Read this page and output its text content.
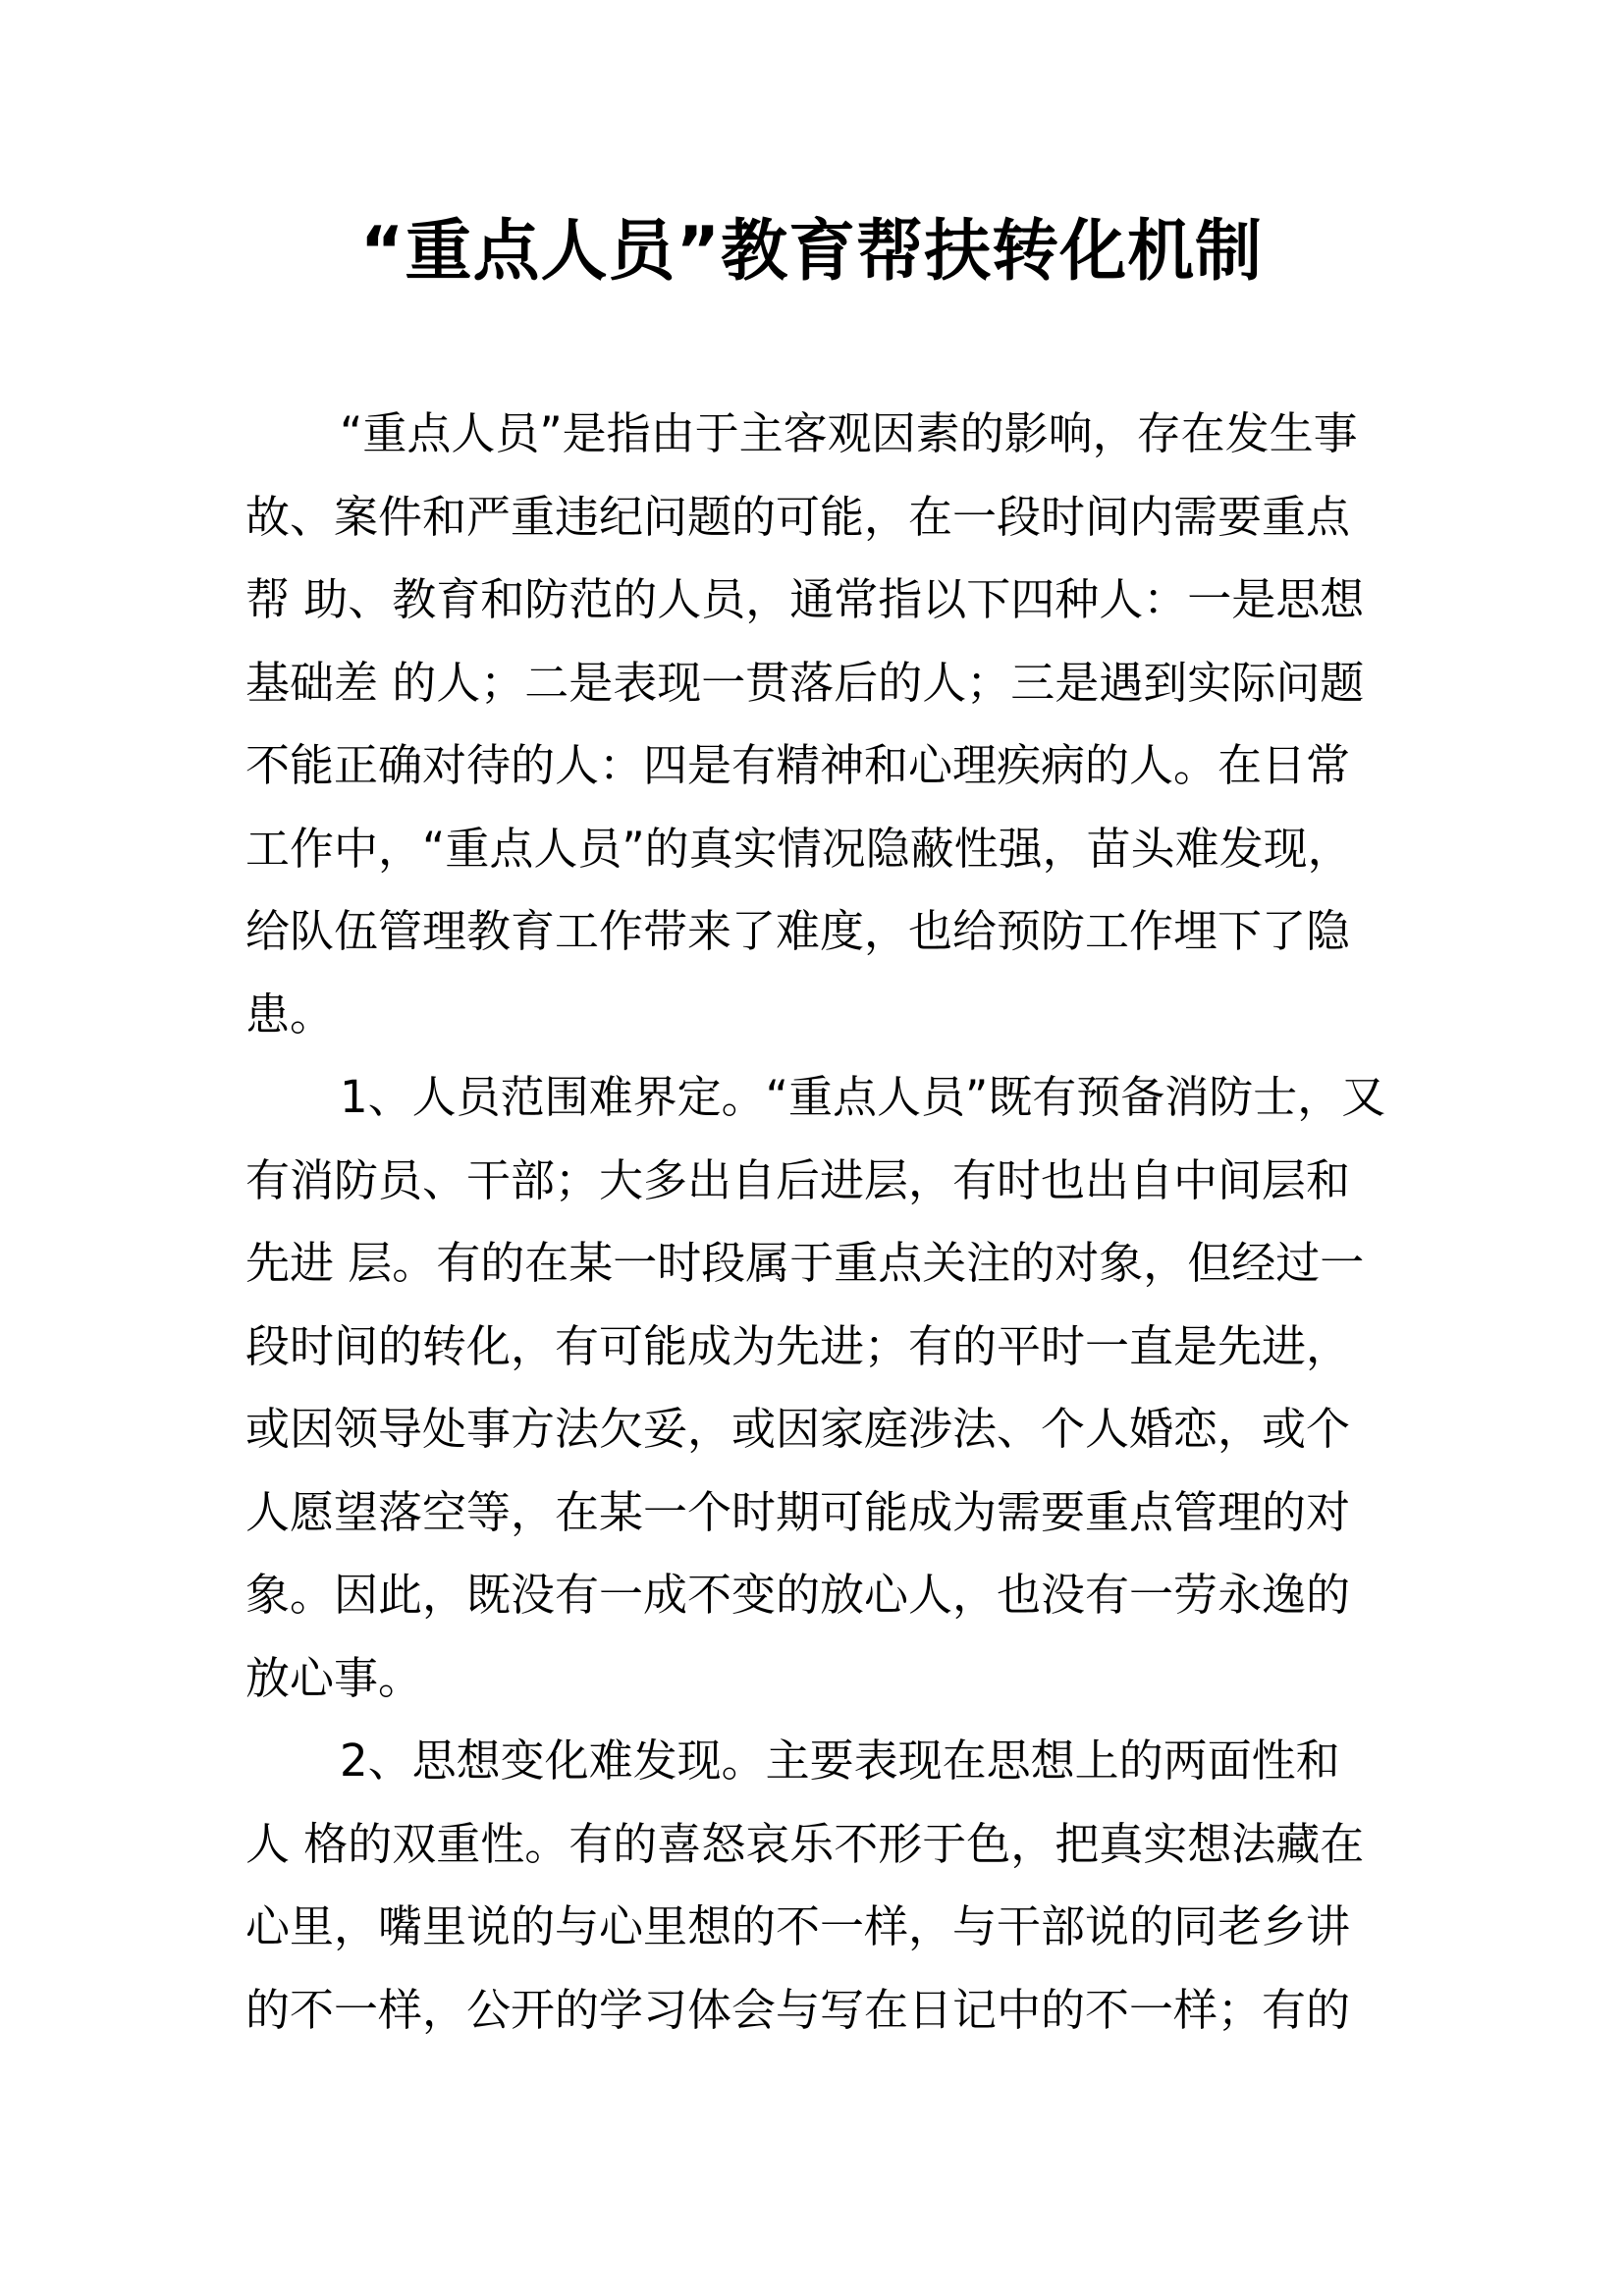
“重点人员”教育帮扶转化机制
“重点人员”是指由于主客观因素的影响，存在发生事
故、案件和严重违纪问题的可能，在一段时间内需要重点
帮 助、教育和防范的人员，通常指以下四种人：一是思想
基础差 的人；二是表现一贯落后的人；三是遇到实际问题
不能正确对待的人：四是有精神和心理疾病的人。在日常
工作中，“重点人员”的真实情况隐蔽性强，苗头难发现，
给队伍管理教育工作带来了难度，也给预防工作埋下了隐
患。
1、人员范围难界定。“重点人员”既有预备消防士，又
有消防员、干部；大多出自后进层，有时也出自中间层和
先进 层。有的在某一时段属于重点关注的对象，但经过一
段时间的转化，有可能成为先进；有的平时一直是先进，
或因领导处事方法欠妥，或因家庭涉法、个人婚恋，或个
人愿望落空等，在某一个时期可能成为需要重点管理的对
象。因此，既没有一成不变的放心人，也没有一劳永逸的
放心事。
2、思想变化难发现。主要表现在思想上的两面性和
人 格的双重性。有的喜怒哀乐不形于色，把真实想法藏在
心里，嘴里说的与心里想的不一样，与干部说的同老乡讲
的不一样，公开的学习体会与写在日记中的不一样；有的
